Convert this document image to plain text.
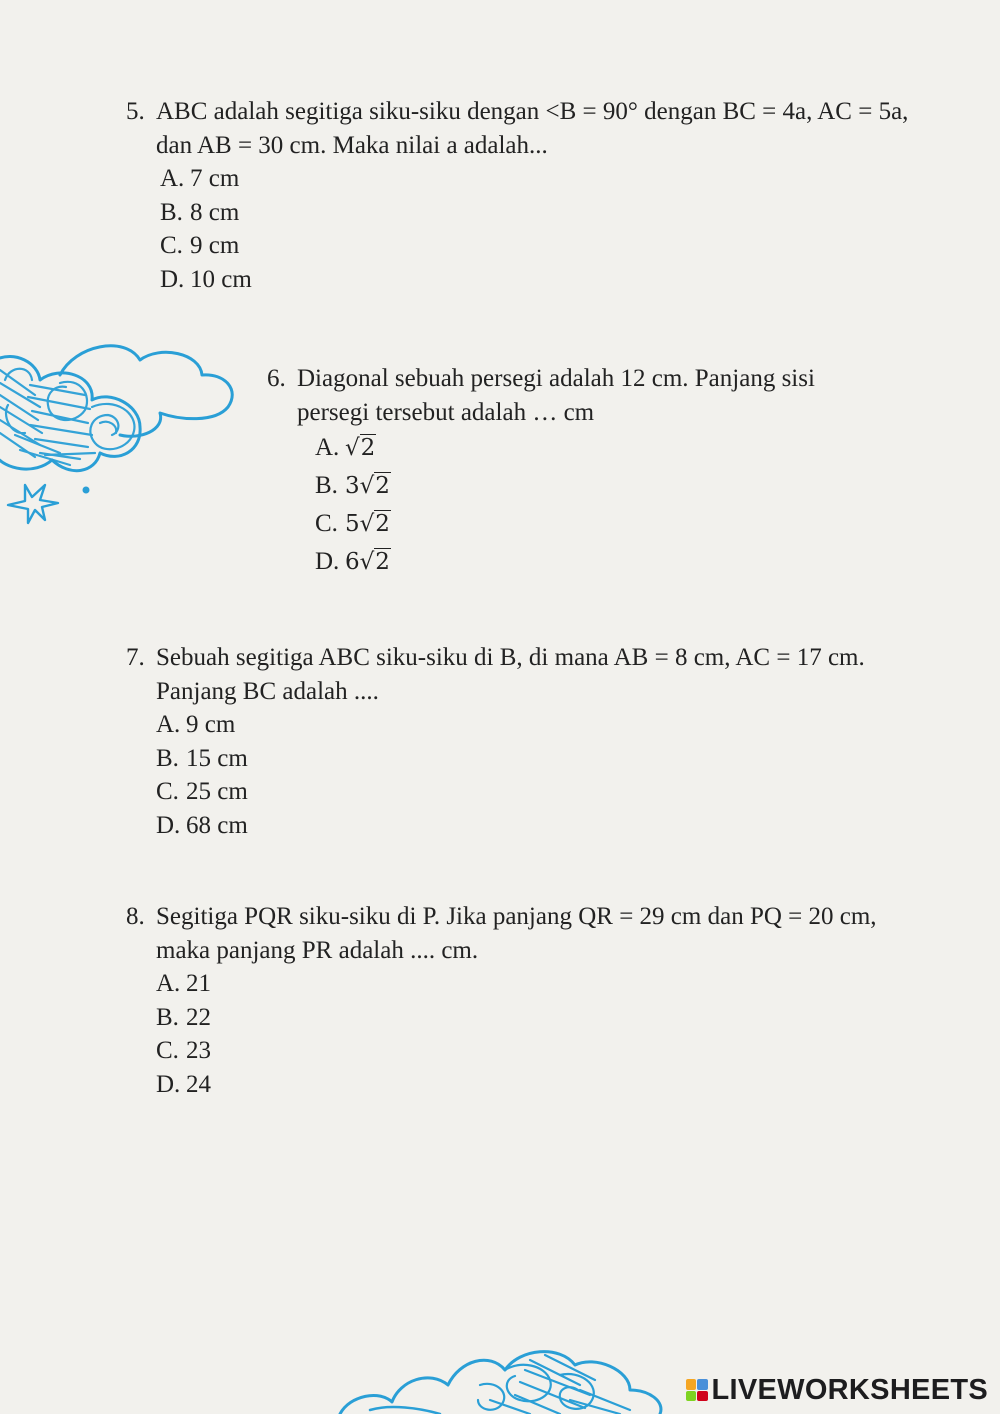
5. ABC adalah segitiga siku-siku dengan <B = 90° dengan BC = 4a, AC = 5a, dan AB = 30 cm. Maka nilai a adalah...
A. 7 cm
B. 8 cm
C. 9 cm
D. 10 cm
6. Diagonal sebuah persegi adalah 12 cm. Panjang sisi persegi tersebut adalah … cm
A. √2
B. 3√2
C. 5√2
D. 6√2
7. Sebuah segitiga ABC siku-siku di B, di mana AB = 8 cm, AC = 17 cm. Panjang BC adalah ....
A. 9 cm
B. 15 cm
C. 25 cm
D. 68 cm
8. Segitiga PQR siku-siku di P. Jika panjang QR = 29 cm dan PQ = 20 cm, maka panjang PR adalah .... cm.
A. 21
B. 22
C. 23
D. 24
LIVEWORKSHEETS
